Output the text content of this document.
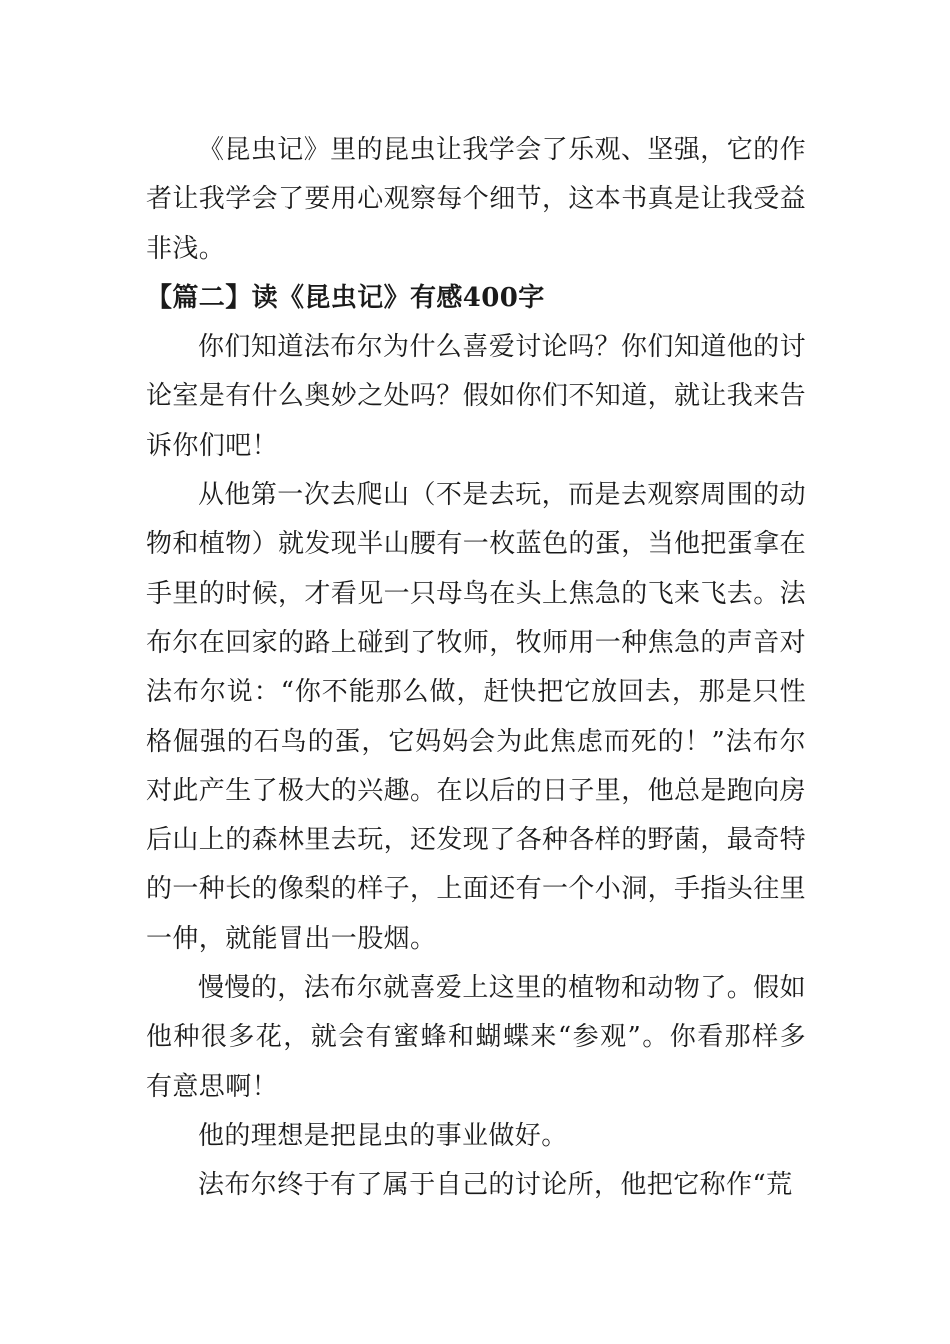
《昆虫记》里的昆虫让我学会了乐观、坚强，它的作者让我学会了要用心观察每个细节，这本书真是让我受益非浅。

【篇二】读《昆虫记》有感400字

你们知道法布尔为什么喜爱讨论吗？你们知道他的讨论室是有什么奥妙之处吗？假如你们不知道，就让我来告诉你们吧！

从他第一次去爬山（不是去玩，而是去观察周围的动物和植物）就发现半山腰有一枚蓝色的蛋，当他把蛋拿在手里的时候，才看见一只母鸟在头上焦急的飞来飞去。法布尔在回家的路上碰到了牧师，牧师用一种焦急的声音对法布尔说：“你不能那么做，赶快把它放回去，那是只性格倔强的石鸟的蛋，它妈妈会为此焦虑而死的！”法布尔对此产生了极大的兴趣。在以后的日子里，他总是跑向房后山上的森林里去玩，还发现了各种各样的野菌，最奇特的一种长的像梨的样子，上面还有一个小洞，手指头往里一伸，就能冒出一股烟。

慢慢的，法布尔就喜爱上这里的植物和动物了。假如他种很多花，就会有蜜蜂和蝴蝶来“参观”。你看那样多有意思啊！

他的理想是把昆虫的事业做好。

法布尔终于有了属于自己的讨论所，他把它称作“荒
